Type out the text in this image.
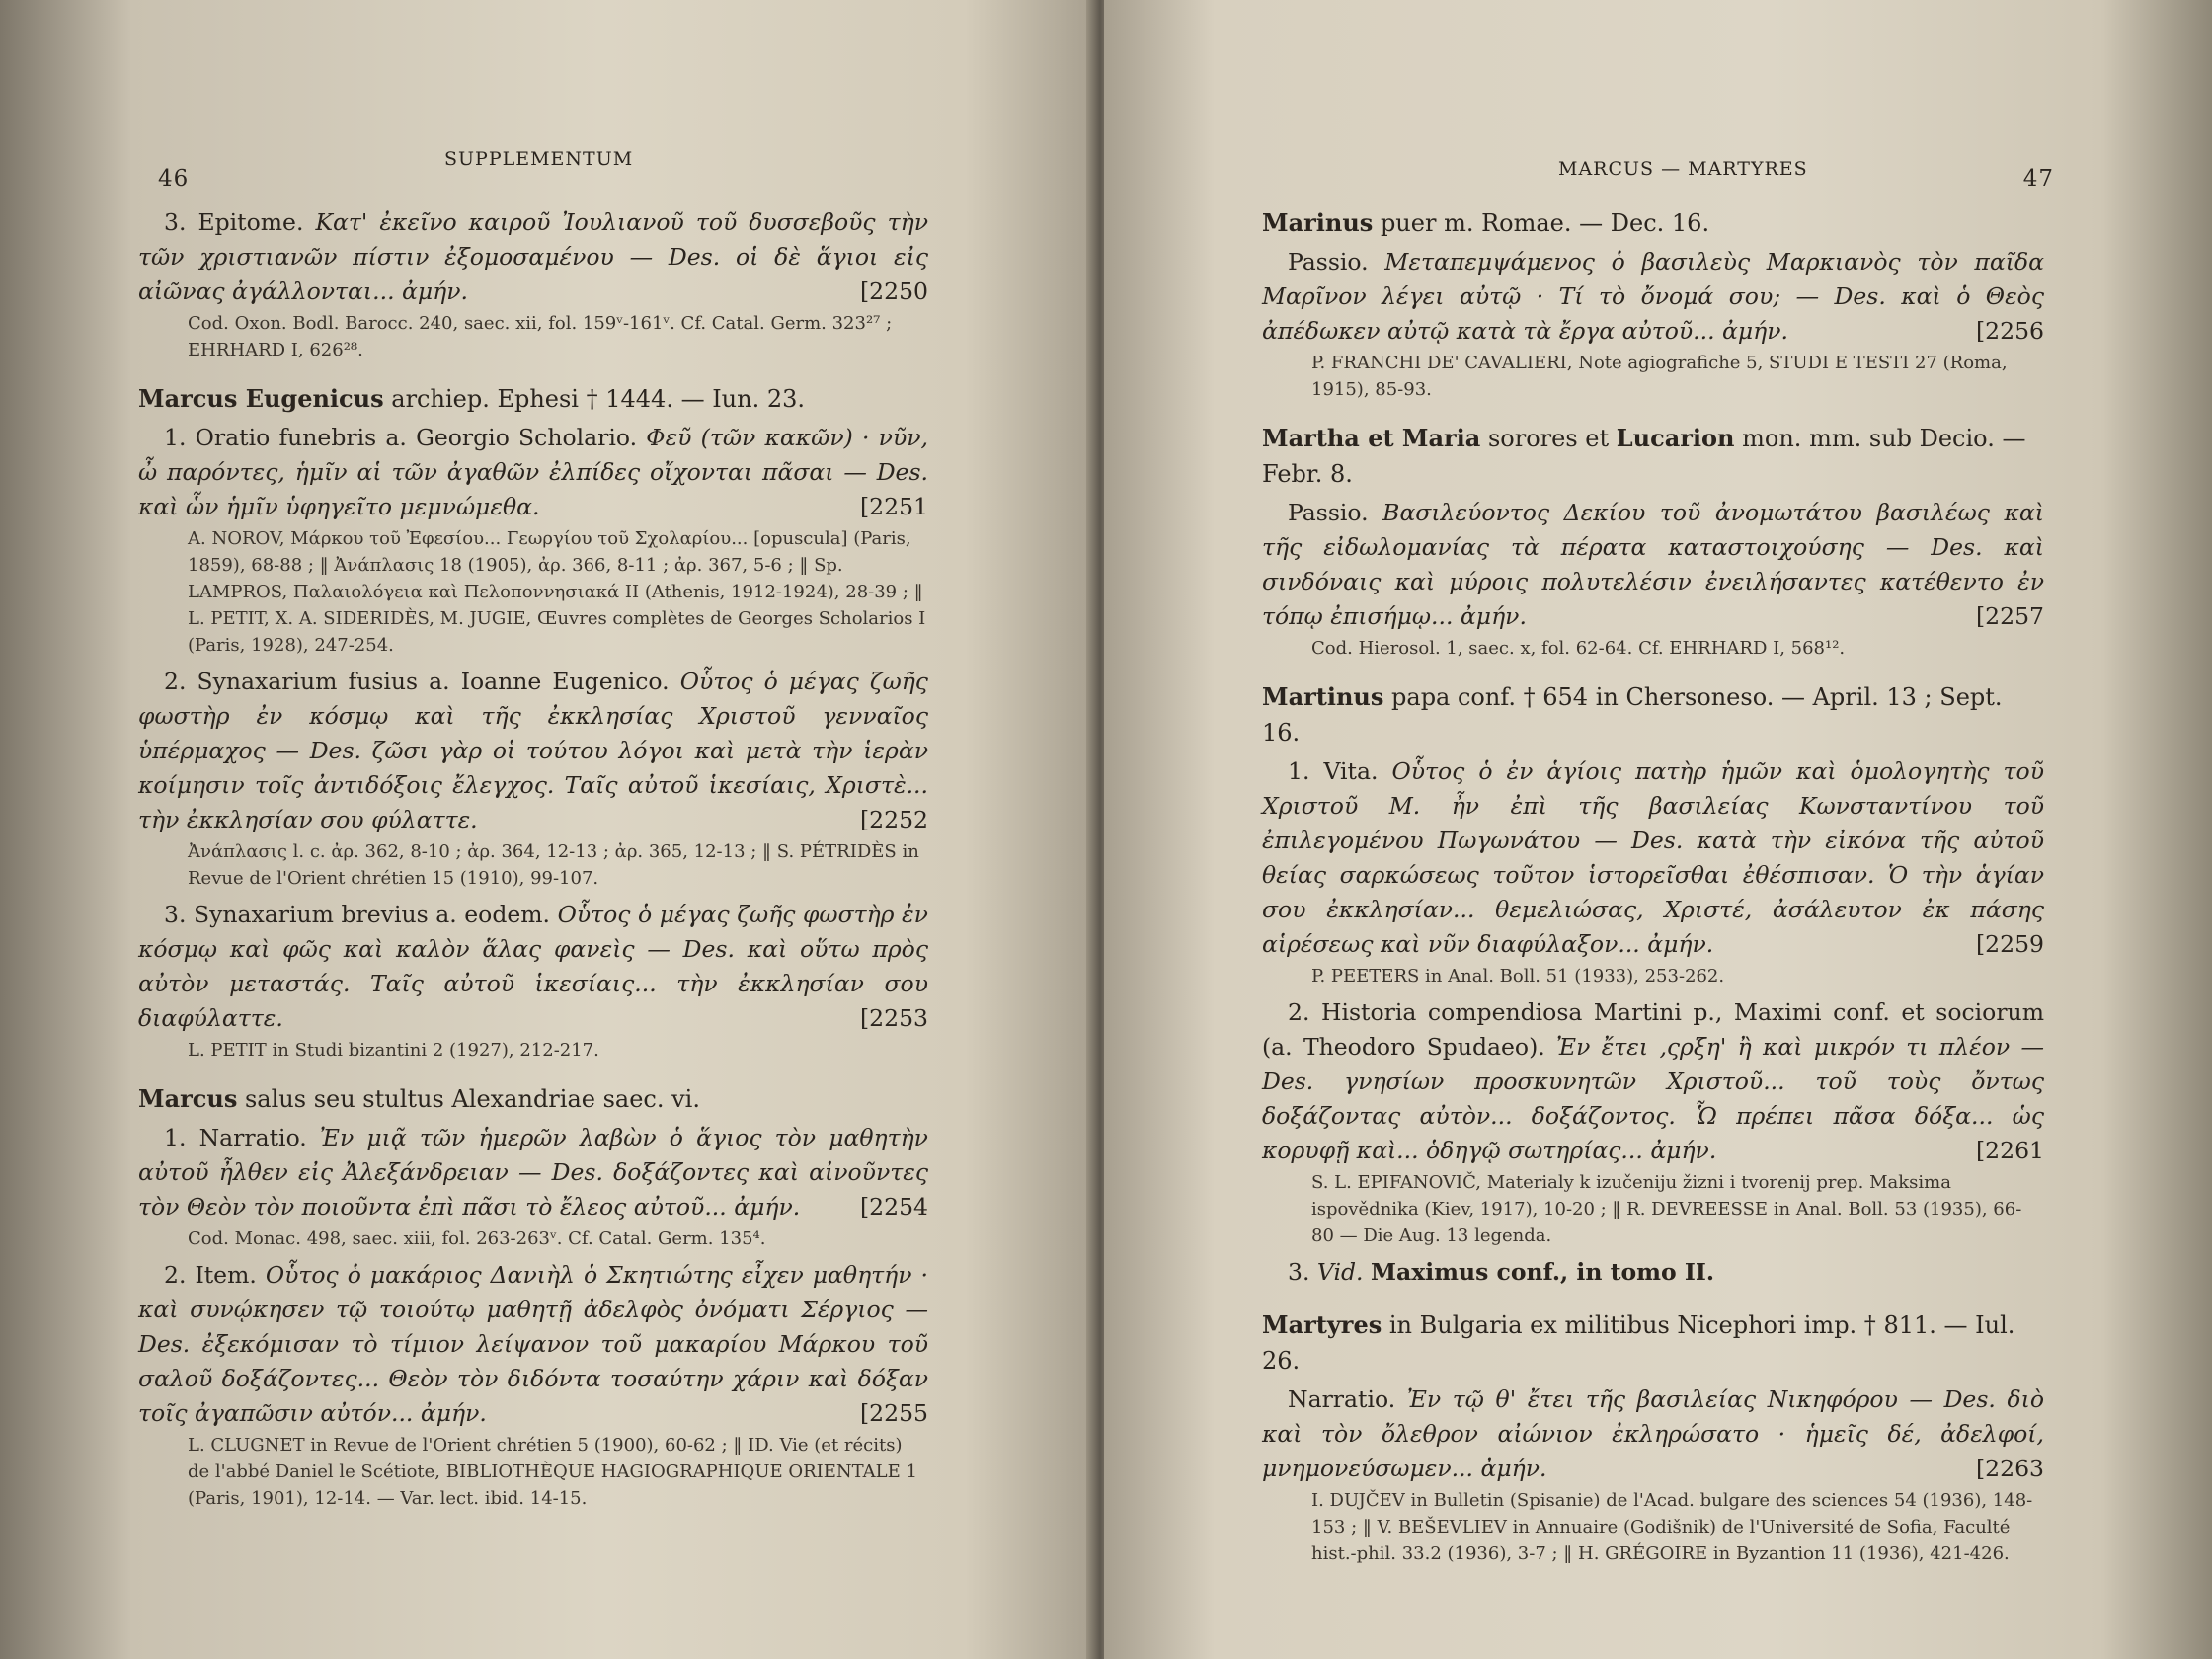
46
SUPPLEMENTUM

3. Epitome. Κατ' ἐκεῖνο καιροῦ Ἰουλιανοῦ τοῦ δυσσεβοῦς τὴν τῶν χριστιανῶν πίστιν ἐξομοσαμένου — Des. οἱ δὲ ἅγιοι εἰς αἰῶνας ἀγάλλονται... ἀμήν.	[2250

Cod. Oxon. Bodl. Barocc. 240, saec. xii, fol. 159ᵛ-161ᵛ. Cf. Catal. Germ. 323²⁷ ; EHRHARD I, 626²⁸.

Marcus Eugenicus archiep. Ephesi † 1444. — Iun. 23.

1. Oratio funebris a. Georgio Scholario. Φεῦ (τῶν κακῶν) · νῦν, ὦ παρόντες, ἡμῖν αἱ τῶν ἀγαθῶν ἐλπίδες οἴχονται πᾶσαι — Des. καὶ ὧν ἡμῖν ὑφηγεῖτο μεμνώμεθα.	[2251

A. NOROV, Μάρκου τοῦ Ἐφεσίου... Γεωργίου τοῦ Σχολαρίου... [opuscula] (Paris, 1859), 68-88 ; ‖ Ἀνάπλασις 18 (1905), ἀρ. 366, 8-11 ; ἀρ. 367, 5-6 ; ‖ Sp. LAMPROS, Παλαιολόγεια καὶ Πελοποννησιακά II (Athenis, 1912-1924), 28-39 ; ‖ L. PETIT, X. A. SIDERIDÈS, M. JUGIE, Œuvres complètes de Georges Scholarios I (Paris, 1928), 247-254.

2. Synaxarium fusius a. Ioanne Eugenico. Οὗτος ὁ μέγας ζωῆς φωστὴρ ἐν κόσμῳ καὶ τῆς ἐκκλησίας Χριστοῦ γενναῖος ὑπέρμαχος — Des. ζῶσι γὰρ οἱ τούτου λόγοι καὶ μετὰ τὴν ἱερὰν κοίμησιν τοῖς ἀντιδόξοις ἔλεγχος. Ταῖς αὐτοῦ ἱκεσίαις, Χριστὲ... τὴν ἐκκλησίαν σου φύλαττε.	[2252

Ἀνάπλασις l. c. ἀρ. 362, 8-10 ; ἀρ. 364, 12-13 ; ἀρ. 365, 12-13 ; ‖ S. PÉTRIDÈS in Revue de l'Orient chrétien 15 (1910), 99-107.

3. Synaxarium brevius a. eodem. Οὗτος ὁ μέγας ζωῆς φωστὴρ ἐν κόσμῳ καὶ φῶς καὶ καλὸν ἅλας φανεὶς — Des. καὶ οὕτω πρὸς αὐτὸν μεταστάς. Ταῖς αὐτοῦ ἱκεσίαις... τὴν ἐκκλησίαν σου διαφύλαττε.	[2253

L. PETIT in Studi bizantini 2 (1927), 212-217.

Marcus salus seu stultus Alexandriae saec. vi.

1. Narratio. Ἐν μιᾷ τῶν ἡμερῶν λαβὼν ὁ ἅγιος τὸν μαθητὴν αὐτοῦ ἦλθεν εἰς Ἀλεξάνδρειαν — Des. δοξάζοντες καὶ αἰνοῦντες τὸν Θεὸν τὸν ποιοῦντα ἐπὶ πᾶσι τὸ ἔλεος αὐτοῦ... ἀμήν.	[2254

Cod. Monac. 498, saec. xiii, fol. 263-263ᵛ. Cf. Catal. Germ. 135⁴.

2. Item. Οὗτος ὁ μακάριος Δανιὴλ ὁ Σκητιώτης εἶχεν μαθητήν · καὶ συνῴκησεν τῷ τοιούτῳ μαθητῇ ἀδελφὸς ὀνόματι Σέργιος — Des. ἐξεκόμισαν τὸ τίμιον λείψανον τοῦ μακαρίου Μάρκου τοῦ σαλοῦ δοξάζοντες... Θεὸν τὸν διδόντα τοσαύτην χάριν καὶ δόξαν τοῖς ἀγαπῶσιν αὐτόν... ἀμήν.	[2255

L. CLUGNET in Revue de l'Orient chrétien 5 (1900), 60-62 ; ‖ ID. Vie (et récits) de l'abbé Daniel le Scétiote, BIBLIOTHÈQUE HAGIOGRAPHIQUE ORIENTALE 1 (Paris, 1901), 12-14. — Var. lect. ibid. 14-15.

MARCUS — MARTYRES	47

Marinus puer m. Romae. — Dec. 16.

Passio. Μεταπεμψάμενος ὁ βασιλεὺς Μαρκιανὸς τὸν παῖδα Μαρῖνον λέγει αὐτῷ · Τί τὸ ὄνομά σου; — Des. καὶ ὁ Θεὸς ἀπέδωκεν αὐτῷ κατὰ τὰ ἔργα αὐτοῦ... ἀμήν.	[2256

P. FRANCHI DE' CAVALIERI, Note agiografiche 5, STUDI E TESTI 27 (Roma, 1915), 85-93.

Martha et Maria sorores et Lucarion mon. mm. sub Decio. — Febr. 8.

Passio. Βασιλεύοντος Δεκίου τοῦ ἀνομωτάτου βασιλέως καὶ τῆς εἰδωλομανίας τὰ πέρατα καταστοιχούσης — Des. καὶ σινδόναις καὶ μύροις πολυτελέσιν ἐνειλήσαντες κατέθεντο ἐν τόπῳ ἐπισήμῳ... ἀμήν.	[2257

Cod. Hierosol. 1, saec. x, fol. 62-64. Cf. EHRHARD I, 568¹².

Martinus papa conf. † 654 in Chersoneso. — April. 13 ; Sept. 16.

1. Vita. Οὗτος ὁ ἐν ἁγίοις πατὴρ ἡμῶν καὶ ὁμολογητὴς τοῦ Χριστοῦ Μ. ἦν ἐπὶ τῆς βασιλείας Κωνσταντίνου τοῦ ἐπιλεγομένου Πωγωνάτου — Des. κατὰ τὴν εἰκόνα τῆς αὐτοῦ θείας σαρκώσεως τοῦτον ἱστορεῖσθαι ἐθέσπισαν. Ὁ τὴν ἁγίαν σου ἐκκλησίαν... θεμελιώσας, Χριστέ, ἀσάλευτον ἐκ πάσης αἱρέσεως καὶ νῦν διαφύλαξον... ἀμήν.	[2259

P. PEETERS in Anal. Boll. 51 (1933), 253-262.

2. Historia compendiosa Martini p., Maximi conf. et sociorum (a. Theodoro Spudaeo). Ἐν ἔτει ‚ςρξη' ἢ καὶ μικρόν τι πλέον — Des. γνησίων προσκυνητῶν Χριστοῦ... τοῦ τοὺς ὄντως δοξάζοντας αὐτὸν... δοξάζοντος. Ὧ πρέπει πᾶσα δόξα... ὡς κορυφῇ καὶ... ὁδηγῷ σωτηρίας... ἀμήν.	[2261

S. L. EPIFANOVIČ, Materialy k izučeniju žizni i tvorenij prep. Maksima ispovědnika (Kiev, 1917), 10-20 ; ‖ R. DEVREESSE in Anal. Boll. 53 (1935), 66-80 — Die Aug. 13 legenda.

3. Vid. Maximus conf., in tomo II.

Martyres in Bulgaria ex militibus Nicephori imp. † 811. — Iul. 26.

Narratio. Ἐν τῷ θ' ἔτει τῆς βασιλείας Νικηφόρου — Des. διὸ καὶ τὸν ὄλεθρον αἰώνιον ἐκληρώσατο · ἡμεῖς δέ, ἀδελφοί, μνημονεύσωμεν... ἀμήν.	[2263

I. DUJČEV in Bulletin (Spisanie) de l'Acad. bulgare des sciences 54 (1936), 148-153 ; ‖ V. BEŠEVLIEV in Annuaire (Godišnik) de l'Université de Sofia, Faculté hist.-phil. 33.2 (1936), 3-7 ; ‖ H. GRÉGOIRE in Byzantion 11 (1936), 421-426.
